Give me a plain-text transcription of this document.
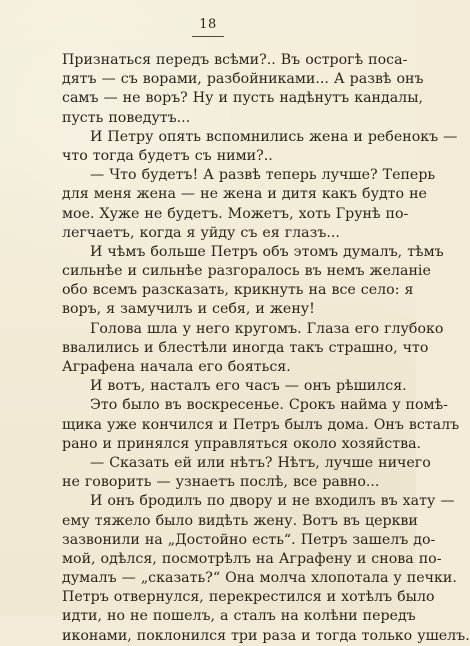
18
Признаться передъ всѣми?.. Въ острогѣ поса-
дятъ — съ ворами, разбойниками... А развѣ онъ
самъ — не воръ? Ну и пусть надѣнутъ кандалы,
пусть поведутъ...
И Петру опять вспомнились жена и ребенокъ —
что тогда будетъ съ ними?..
— Что будетъ! А развѣ теперь лучше? Теперь
для меня жена — не жена и дитя какъ будто не
мое. Хуже не будетъ. Можетъ, хоть Грунѣ по-
легчаетъ, когда я уйду съ ея глазъ...
И чѣмъ больше Петръ объ этомъ думалъ, тѣмъ
сильнѣе и сильнѣе разгоралось въ немъ желаніе
обо всемъ разсказать, крикнуть на все село: я
воръ, я замучилъ и себя, и жену!
Голова шла у него кругомъ. Глаза его глубоко
ввалились и блестѣли иногда такъ страшно, что
Аграфена начала его бояться.
И вотъ, насталъ его часъ — онъ рѣшился.
Это было въ воскресенье. Срокъ найма у помѣ-
щика уже кончился и Петръ былъ дома. Онъ всталъ
рано и принялся управляться около хозяйства.
— Сказать ей или нѣтъ? Нѣтъ, лучше ничего
не говорить — узнаетъ послѣ, все равно...
И онъ бродилъ по двору и не входилъ въ хату —
ему тяжело было видѣть жену. Вотъ въ церкви
зазвонили на „Достойно есть“. Петръ зашелъ до-
мой, одѣлся, посмотрѣлъ на Аграфену и снова по-
думалъ — „сказать?“ Она молча хлопотала у печки.
Петръ отвернулся, перекрестился и хотѣлъ было
идти, но не пошелъ, а сталъ на колѣни передъ
иконами, поклонился три раза и тогда только ушелъ.
